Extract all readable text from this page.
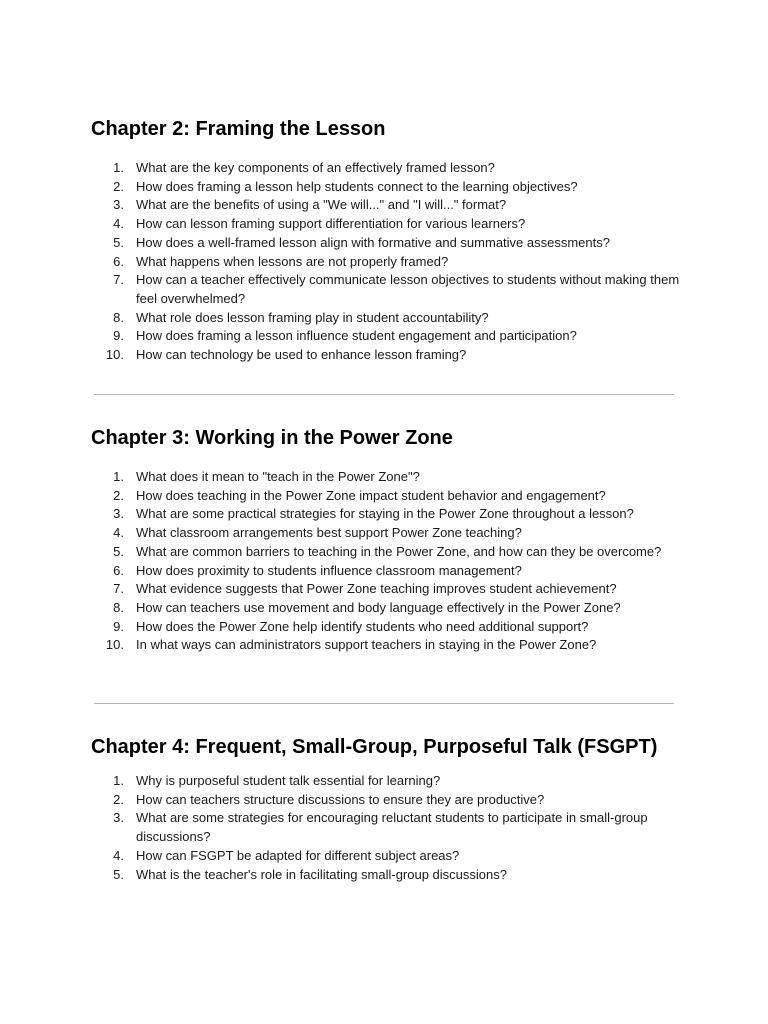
Chapter 2: Framing the Lesson
1. What are the key components of an effectively framed lesson?
2. How does framing a lesson help students connect to the learning objectives?
3. What are the benefits of using a "We will..." and "I will..." format?
4. How can lesson framing support differentiation for various learners?
5. How does a well-framed lesson align with formative and summative assessments?
6. What happens when lessons are not properly framed?
7. How can a teacher effectively communicate lesson objectives to students without making them feel overwhelmed?
8. What role does lesson framing play in student accountability?
9. How does framing a lesson influence student engagement and participation?
10. How can technology be used to enhance lesson framing?
Chapter 3: Working in the Power Zone
1. What does it mean to "teach in the Power Zone"?
2. How does teaching in the Power Zone impact student behavior and engagement?
3. What are some practical strategies for staying in the Power Zone throughout a lesson?
4. What classroom arrangements best support Power Zone teaching?
5. What are common barriers to teaching in the Power Zone, and how can they be overcome?
6. How does proximity to students influence classroom management?
7. What evidence suggests that Power Zone teaching improves student achievement?
8. How can teachers use movement and body language effectively in the Power Zone?
9. How does the Power Zone help identify students who need additional support?
10. In what ways can administrators support teachers in staying in the Power Zone?
Chapter 4: Frequent, Small-Group, Purposeful Talk (FSGPT)
1. Why is purposeful student talk essential for learning?
2. How can teachers structure discussions to ensure they are productive?
3. What are some strategies for encouraging reluctant students to participate in small-group discussions?
4. How can FSGPT be adapted for different subject areas?
5. What is the teacher's role in facilitating small-group discussions?
